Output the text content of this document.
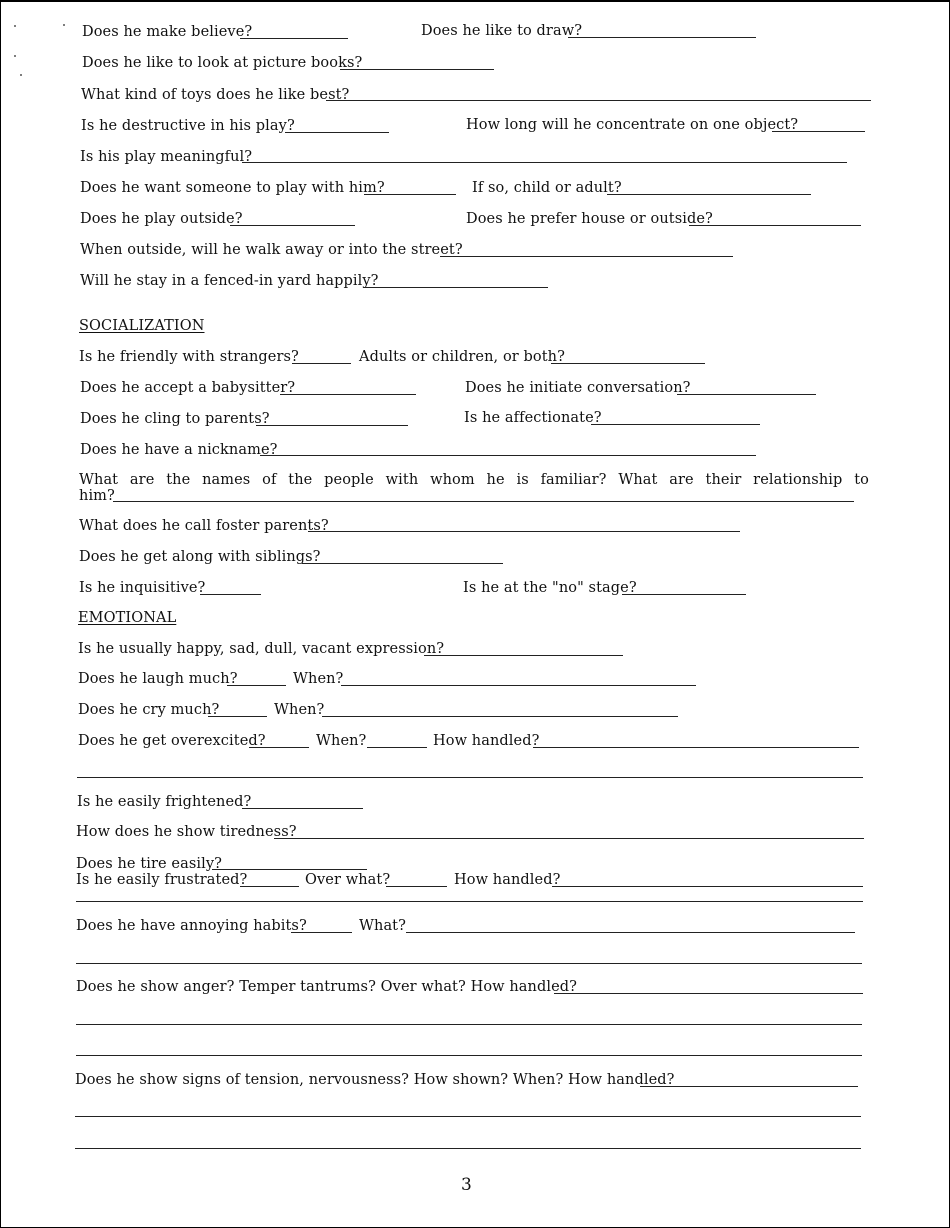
Does he make believe?	Does he like to draw?
Does he like to look at picture books?
What kind of toys does he like best?
Is he destructive in his play?	How long will he concentrate on one object?
Is his play meaningful?
Does he want someone to play with him?	If so, child or adult?
Does he play outside?	Does he prefer house or outside?
When outside, will he walk away or into the street?
Will he stay in a fenced-in yard happily?
SOCIALIZATION
Is he friendly with strangers?	Adults or children, or both?
Does he accept a babysitter?	Does he initiate conversation?
Does he cling to parents?	Is he affectionate?
Does he have a nickname?
What are the names of the people with whom he is familiar? What are their relationship to
him?
What does he call foster parents?
Does he get along with siblings?
Is he inquisitive?	Is he at the "no" stage?
EMOTIONAL
Is he usually happy, sad, dull, vacant expression?
Does he laugh much?	When?
Does he cry much?	When?
Does he get overexcited?	When?	How handled?
Is he easily frightened?
How does he show tiredness?
Does he tire easily?
Is he easily frustrated?	Over what?	How handled?
Does he have annoying habits?	What?
Does he show anger? Temper tantrums? Over what? How handled?
Does he show signs of tension, nervousness? How shown? When? How handled?
3
